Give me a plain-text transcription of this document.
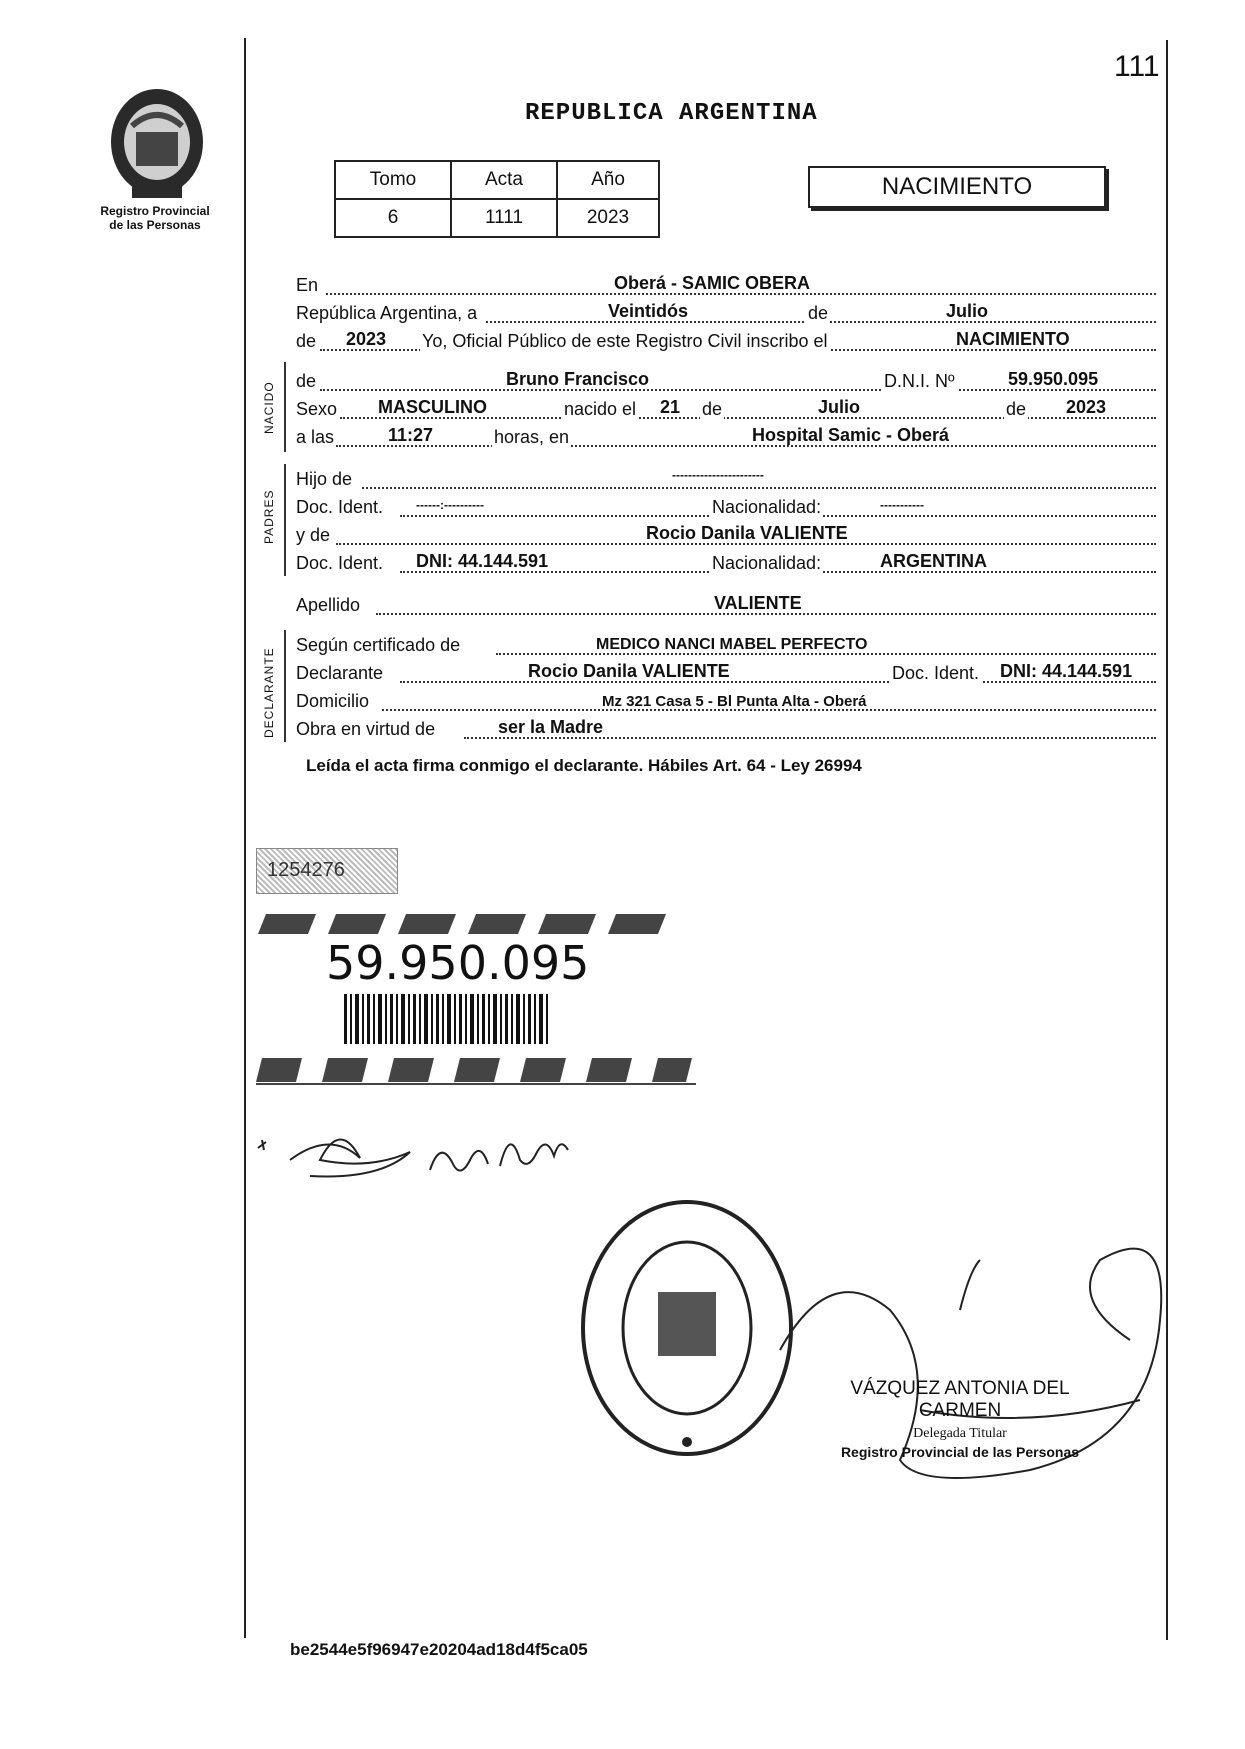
111
Registro Provincial
de las Personas
REPUBLICA ARGENTINA
Tomo	Acta	Año
6	1111	2023
NACIMIENTO
En	Oberá - SAMIC OBERA
República Argentina, a	Veintidós	de	Julio
de 2023 Yo, Oficial Público de este Registro Civil inscribo el	NACIMIENTO
NACIDO
de	Bruno Francisco	D.N.I. Nº	59.950.095
Sexo MASCULINO	nacido el 21 de	Julio	de 2023
a las	11:27	horas, en	Hospital Samic - Oberá
PADRES
Hijo de	-----------------------
Doc. Ident.	------:----------	Nacionalidad:	-----------
y de	Rocio Danila VALIENTE
Doc. Ident. DNI: 44.144.591	Nacionalidad:	ARGENTINA
Apellido	VALIENTE
DECLARANTE
Según certificado de	MEDICO NANCI MABEL PERFECTO
Declarante	Rocio Danila VALIENTE	Doc. Ident. DNI: 44.144.591
Domicilio	Mz 321 Casa 5 - Bl Punta Alta - Oberá
Obra en virtud de	ser la Madre
Leída el acta firma conmigo el declarante. Hábiles Art. 64 - Ley 26994
1254276
59.950.095
VÁZQUEZ ANTONIA DEL CARMEN
Delegada Titular
Registro Provincial de las Personas
be2544e5f96947e20204ad18d4f5ca05
